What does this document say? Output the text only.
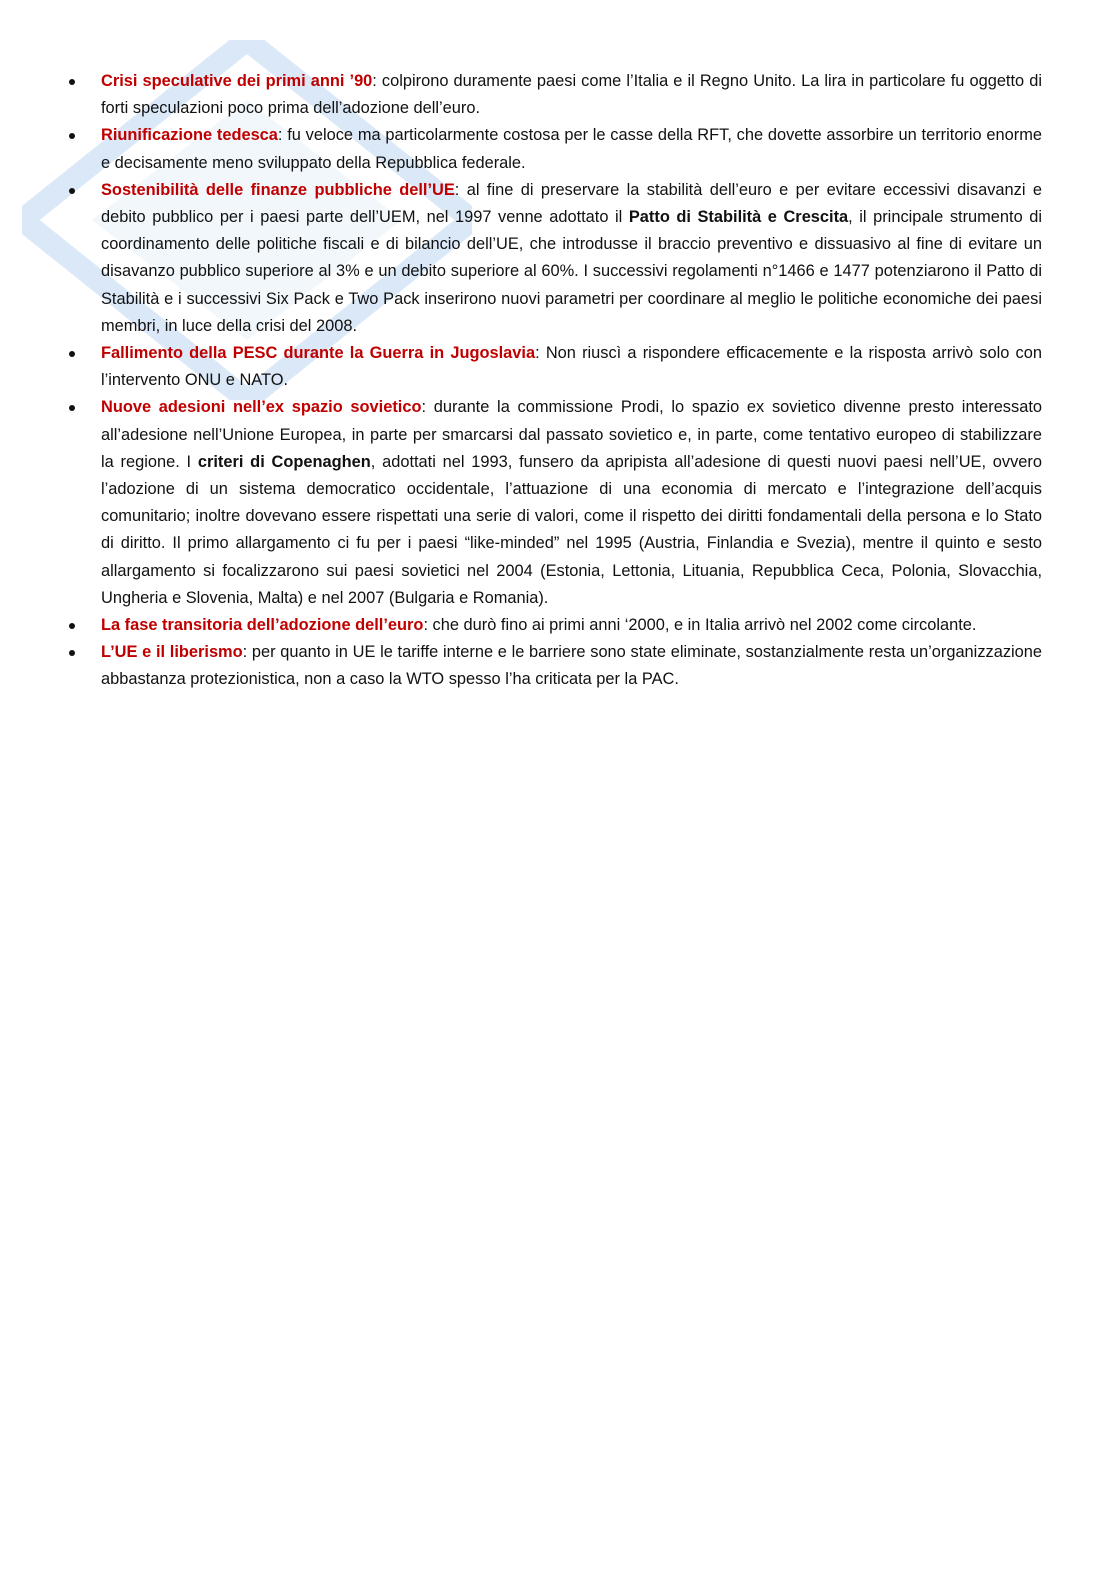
Crisi speculative dei primi anni ’90: colpirono duramente paesi come l’Italia e il Regno Unito. La lira in particolare fu oggetto di forti speculazioni poco prima dell’adozione dell’euro.
Riunificazione tedesca: fu veloce ma particolarmente costosa per le casse della RFT, che dovette assorbire un territorio enorme e decisamente meno sviluppato della Repubblica federale.
Sostenibilità delle finanze pubbliche dell’UE: al fine di preservare la stabilità dell’euro e per evitare eccessivi disavanzi e debito pubblico per i paesi parte dell’UEM, nel 1997 venne adottato il Patto di Stabilità e Crescita, il principale strumento di coordinamento delle politiche fiscali e di bilancio dell’UE, che introdusse il braccio preventivo e dissuasivo al fine di evitare un disavanzo pubblico superiore al 3% e un debito superiore al 60%. I successivi regolamenti n°1466 e 1477 potenziarono il Patto di Stabilità e i successivi Six Pack e Two Pack inserirono nuovi parametri per coordinare al meglio le politiche economiche dei paesi membri, in luce della crisi del 2008.
Fallimento della PESC durante la Guerra in Jugoslavia: Non riuscì a rispondere efficacemente e la risposta arrivò solo con l’intervento ONU e NATO.
Nuove adesioni nell’ex spazio sovietico: durante la commissione Prodi, lo spazio ex sovietico divenne presto interessato all’adesione nell’Unione Europea, in parte per smarcarsi dal passato sovietico e, in parte, come tentativo europeo di stabilizzare la regione. I criteri di Copenaghen, adottati nel 1993, funsero da apripista all’adesione di questi nuovi paesi nell’UE, ovvero l’adozione di un sistema democratico occidentale, l’attuazione di una economia di mercato e l’integrazione dell’acquis comunitario; inoltre dovevano essere rispettati una serie di valori, come il rispetto dei diritti fondamentali della persona e lo Stato di diritto. Il primo allargamento ci fu per i paesi “like-minded” nel 1995 (Austria, Finlandia e Svezia), mentre il quinto e sesto allargamento si focalizzarono sui paesi sovietici nel 2004 (Estonia, Lettonia, Lituania, Repubblica Ceca, Polonia, Slovacchia, Ungheria e Slovenia, Malta) e nel 2007 (Bulgaria e Romania).
La fase transitoria dell’adozione dell’euro: che durò fino ai primi anni ‘2000, e in Italia arrivò nel 2002 come circolante.
L’UE e il liberismo: per quanto in UE le tariffe interne e le barriere sono state eliminate, sostanzialmente resta un’organizzazione abbastanza protezionistica, non a caso la WTO spesso l’ha criticata per la PAC.
